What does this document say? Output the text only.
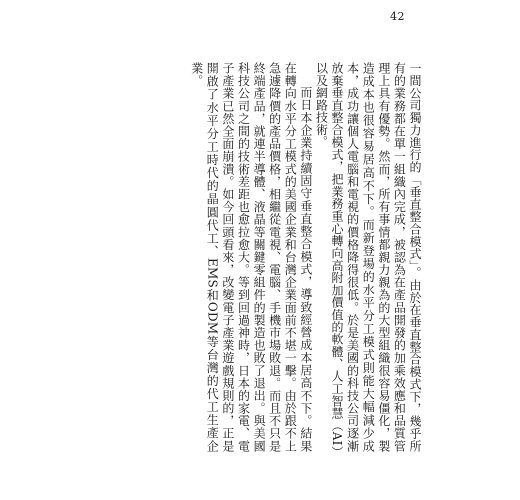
42

一間公司獨力進行的「垂直整合模式」。由於在垂直整合模式下，幾乎所有的業務都在單一組織內完成，被認為在產品開發的加乘效應和品質管理上具有優勢。然而，所有事情都親力親為的大型組織很容易僵化，製造成本也很容易居高不下。而新登場的水平分工模式則能大幅減少成本，成功讓個人電腦和電視的價格降得很低。於是美國的科技公司逐漸放棄垂直整合模式，把業務重心轉向高附加價值的軟體、人工智慧（AI）以及網路技術。

而日本企業持續固守垂直整合模式，導致經營成本居高不下。結果在轉向水平分工模式的美國企業和台灣企業面前不堪一擊。由於跟不上急遽降價的產品價格，相繼從電視、電腦、手機市場敗退。而且不只是終端產品，就連半導體、液晶等關鍵零組件的製造也敗了退出。與美國科技公司之間的技術差距也愈拉愈大。等到回過神時，日本的家電、電子產業已然全面崩潰。如今回頭看來，改變電子產業遊戲規則的，正是開啟了水平分工時代的晶圓代工、EMS和ODM等台灣的代工生產企業。
